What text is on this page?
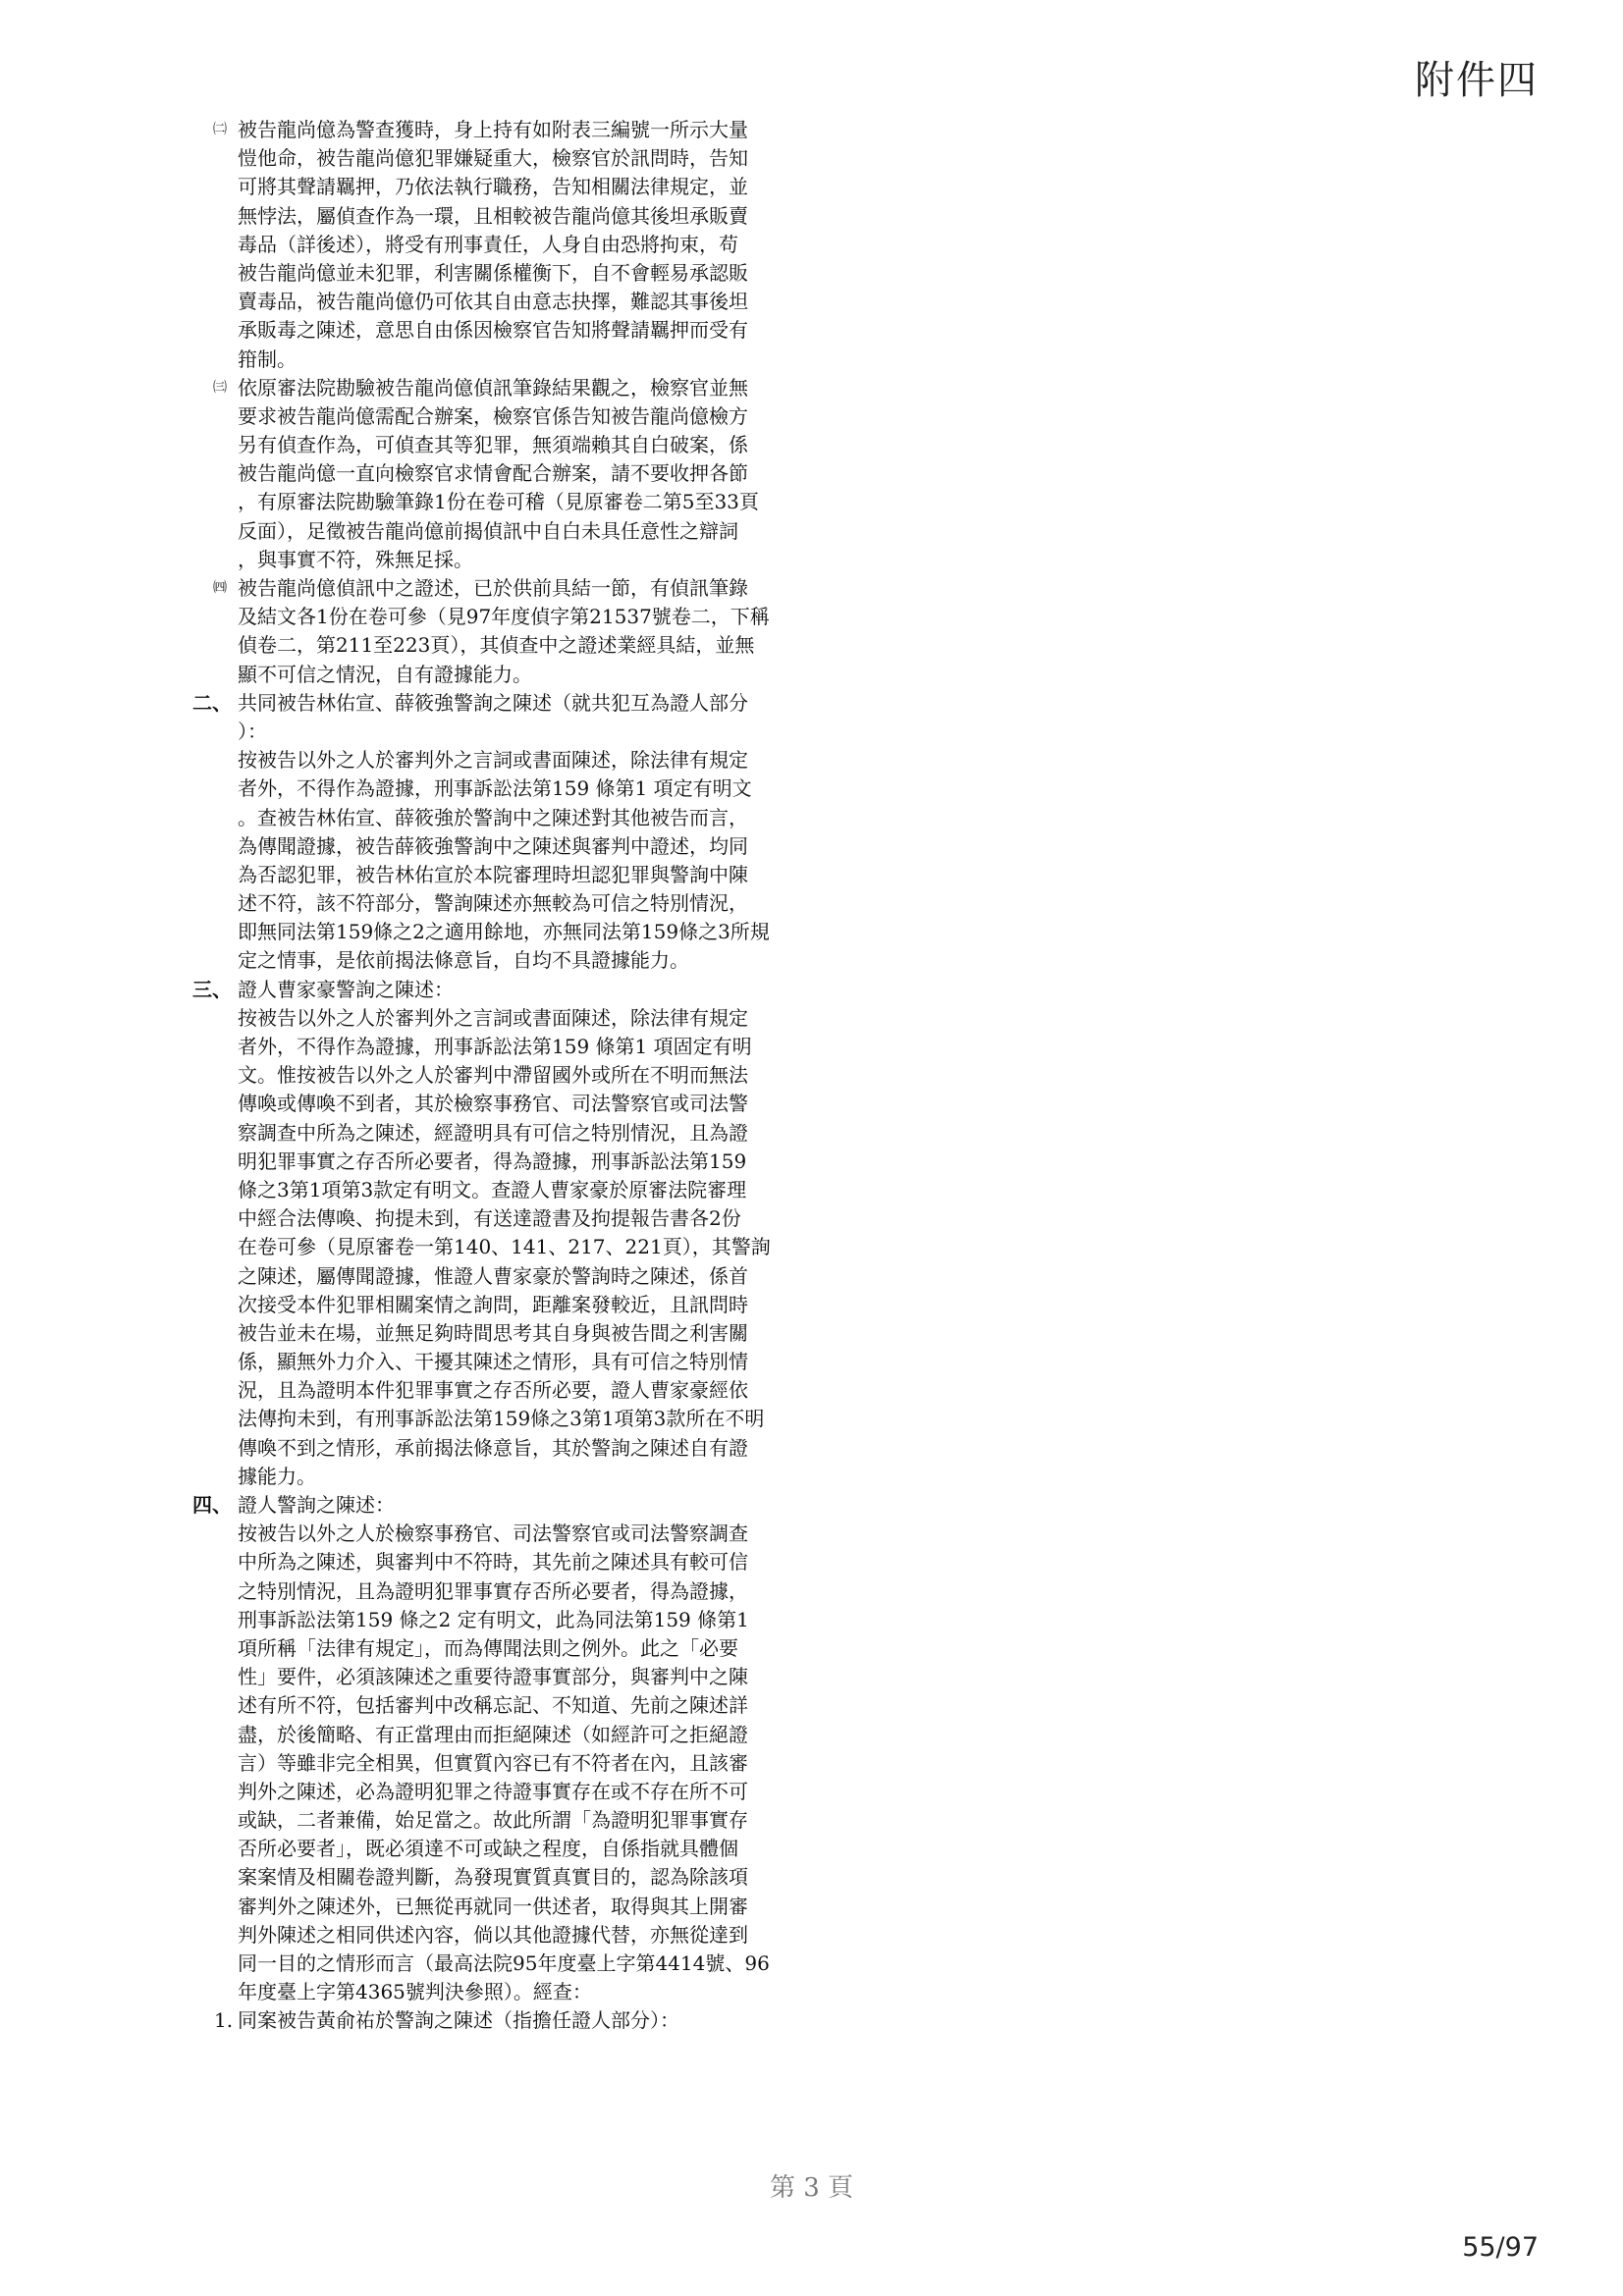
附件四
㈡ 被告龍尚億為警查獲時，身上持有如附表三編號一所示大量
愷他命，被告龍尚億犯罪嫌疑重大，檢察官於訊問時，告知
可將其聲請羈押，乃依法執行職務，告知相關法律規定，並
無悖法，屬偵查作為一環，且相較被告龍尚億其後坦承販賣
毒品（詳後述），將受有刑事責任，人身自由恐將拘束，苟
被告龍尚億並未犯罪，利害關係權衡下，自不會輕易承認販
賣毒品，被告龍尚億仍可依其自由意志抉擇，難認其事後坦
承販毒之陳述，意思自由係因檢察官告知將聲請羈押而受有
箝制。
㈢ 依原審法院勘驗被告龍尚億偵訊筆錄結果觀之，檢察官並無
要求被告龍尚億需配合辦案，檢察官係告知被告龍尚億檢方
另有偵查作為，可偵查其等犯罪，無須端賴其自白破案，係
被告龍尚億一直向檢察官求情會配合辦案，請不要收押各節
，有原審法院勘驗筆錄1份在卷可稽（見原審卷二第5至33頁
反面），足徵被告龍尚億前揭偵訊中自白未具任意性之辯詞
，與事實不符，殊無足採。
㈣ 被告龍尚億偵訊中之證述，已於供前具結一節，有偵訊筆錄
及結文各1份在卷可參（見97年度偵字第21537號卷二，下稱
偵卷二，第211至223頁），其偵查中之證述業經具結，並無
顯不可信之情況，自有證據能力。
二、 共同被告林佑宣、薛筱強警詢之陳述（就共犯互為證人部分
）：
按被告以外之人於審判外之言詞或書面陳述，除法律有規定
者外，不得作為證據，刑事訴訟法第159 條第1 項定有明文
。查被告林佑宣、薛筱強於警詢中之陳述對其他被告而言，
為傳聞證據，被告薛筱強警詢中之陳述與審判中證述，均同
為否認犯罪，被告林佑宣於本院審理時坦認犯罪與警詢中陳
述不符，該不符部分，警詢陳述亦無較為可信之特別情況，
即無同法第159條之2之適用餘地，亦無同法第159條之3所規
定之情事，是依前揭法條意旨，自均不具證據能力。
三、 證人曹家豪警詢之陳述：
按被告以外之人於審判外之言詞或書面陳述，除法律有規定
者外，不得作為證據，刑事訴訟法第159 條第1 項固定有明
文。惟按被告以外之人於審判中滯留國外或所在不明而無法
傳喚或傳喚不到者，其於檢察事務官、司法警察官或司法警
察調查中所為之陳述，經證明具有可信之特別情況，且為證
明犯罪事實之存否所必要者，得為證據，刑事訴訟法第159
條之3第1項第3款定有明文。查證人曹家豪於原審法院審理
中經合法傳喚、拘提未到，有送達證書及拘提報告書各2份
在卷可參（見原審卷一第140、141、217、221頁），其警詢
之陳述，屬傳聞證據，惟證人曹家豪於警詢時之陳述，係首
次接受本件犯罪相關案情之詢問，距離案發較近，且訊問時
被告並未在場，並無足夠時間思考其自身與被告間之利害關
係，顯無外力介入、干擾其陳述之情形，具有可信之特別情
況，且為證明本件犯罪事實之存否所必要，證人曹家豪經依
法傳拘未到，有刑事訴訟法第159條之3第1項第3款所在不明
傳喚不到之情形，承前揭法條意旨，其於警詢之陳述自有證
據能力。
四、 證人警詢之陳述：
按被告以外之人於檢察事務官、司法警察官或司法警察調查
中所為之陳述，與審判中不符時，其先前之陳述具有較可信
之特別情況，且為證明犯罪事實存否所必要者，得為證據，
刑事訴訟法第159 條之2 定有明文，此為同法第159 條第1
項所稱「法律有規定」，而為傳聞法則之例外。此之「必要
性」要件，必須該陳述之重要待證事實部分，與審判中之陳
述有所不符，包括審判中改稱忘記、不知道、先前之陳述詳
盡，於後簡略、有正當理由而拒絕陳述（如經許可之拒絕證
言）等雖非完全相異，但實質內容已有不符者在內，且該審
判外之陳述，必為證明犯罪之待證事實存在或不存在所不可
或缺，二者兼備，始足當之。故此所謂「為證明犯罪事實存
否所必要者」，既必須達不可或缺之程度，自係指就具體個
案案情及相關卷證判斷，為發現實質真實目的，認為除該項
審判外之陳述外，已無從再就同一供述者，取得與其上開審
判外陳述之相同供述內容，倘以其他證據代替，亦無從達到
同一目的之情形而言（最高法院95年度臺上字第4414號、96
年度臺上字第4365號判決參照）。經查：
1. 同案被告黃俞祐於警詢之陳述（指擔任證人部分）：
第 3 頁
55/97
